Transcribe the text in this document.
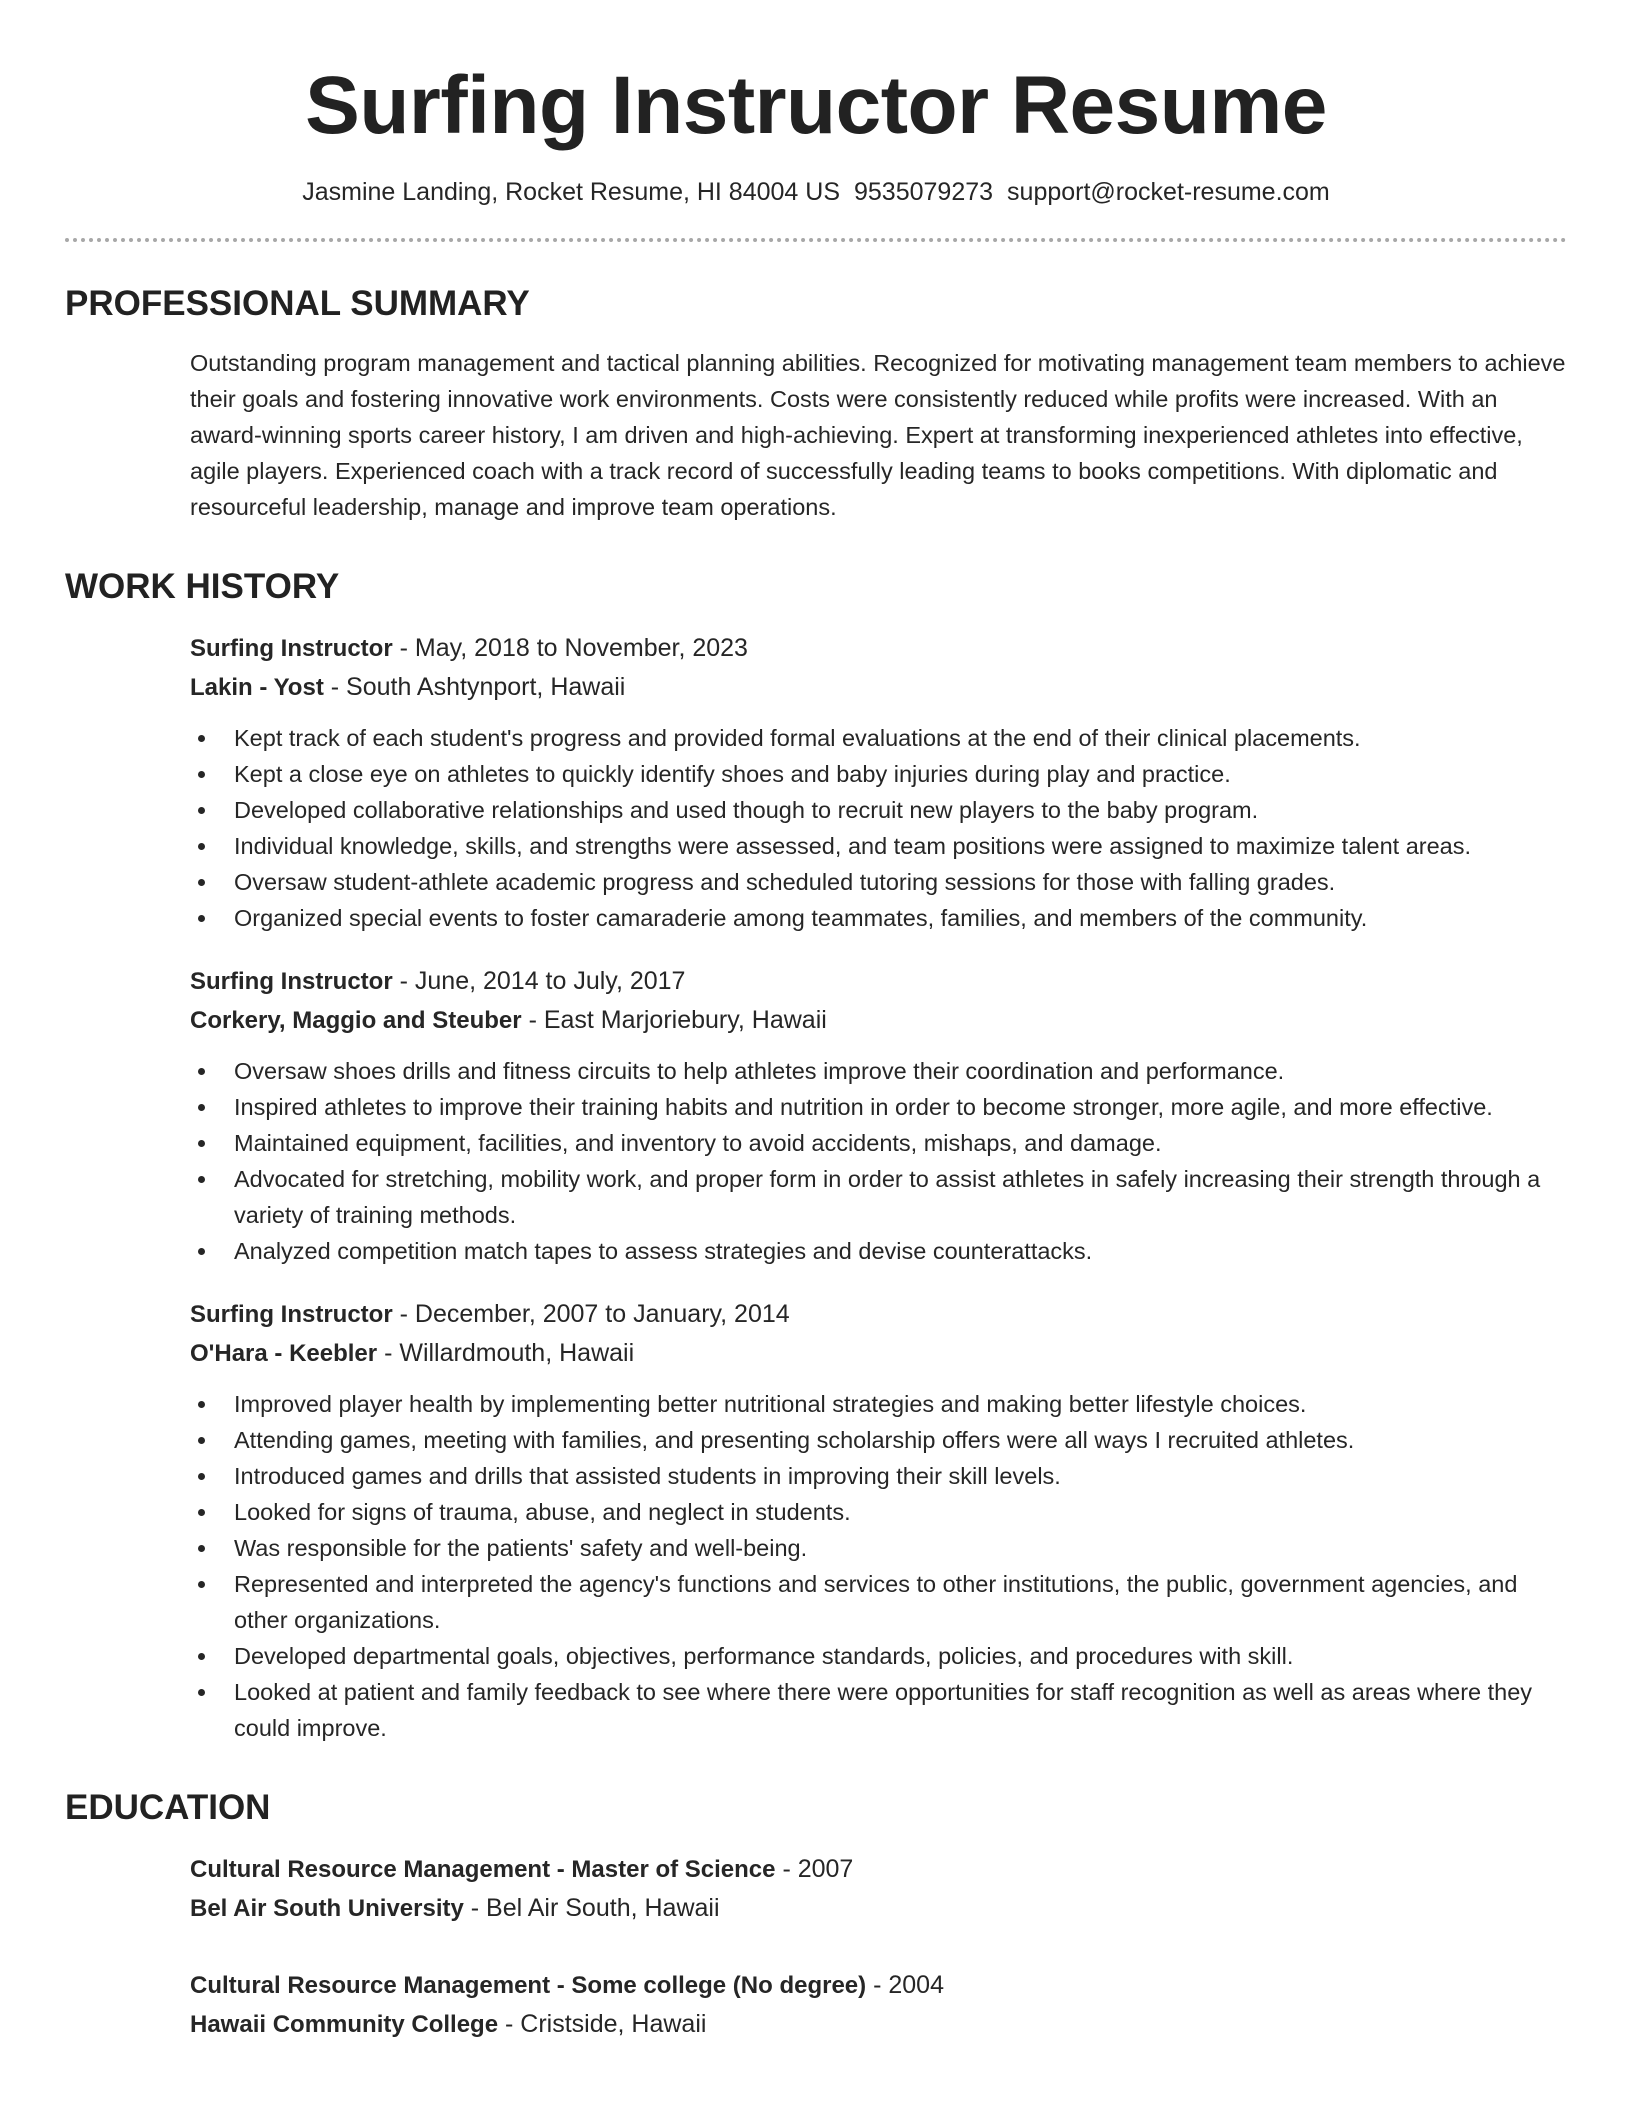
Surfing Instructor Resume
Jasmine Landing, Rocket Resume, HI 84004 US 9535079273 support@rocket-resume.com
PROFESSIONAL SUMMARY

Outstanding program management and tactical planning abilities. Recognized for motivating management team members to achieve their goals and fostering innovative work environments. Costs were consistently reduced while profits were increased. With an award-winning sports career history, I am driven and high-achieving. Expert at transforming inexperienced athletes into effective, agile players. Experienced coach with a track record of successfully leading teams to books competitions. With diplomatic and resourceful leadership, manage and improve team operations.

WORK HISTORY
Surfing Instructor - May, 2018 to November, 2023
Lakin - Yost - South Ashtynport, Hawaii
Kept track of each student's progress and provided formal evaluations at the end of their clinical placements.
Kept a close eye on athletes to quickly identify shoes and baby injuries during play and practice.
Developed collaborative relationships and used though to recruit new players to the baby program.
Individual knowledge, skills, and strengths were assessed, and team positions were assigned to maximize talent areas.
Oversaw student-athlete academic progress and scheduled tutoring sessions for those with falling grades.
Organized special events to foster camaraderie among teammates, families, and members of the community.
Surfing Instructor - June, 2014 to July, 2017
Corkery, Maggio and Steuber - East Marjoriebury, Hawaii
Oversaw shoes drills and fitness circuits to help athletes improve their coordination and performance.
Inspired athletes to improve their training habits and nutrition in order to become stronger, more agile, and more effective.
Maintained equipment, facilities, and inventory to avoid accidents, mishaps, and damage.
Advocated for stretching, mobility work, and proper form in order to assist athletes in safely increasing their strength through a variety of training methods.
Analyzed competition match tapes to assess strategies and devise counterattacks.
Surfing Instructor - December, 2007 to January, 2014
O'Hara - Keebler - Willardmouth, Hawaii
Improved player health by implementing better nutritional strategies and making better lifestyle choices.
Attending games, meeting with families, and presenting scholarship offers were all ways I recruited athletes.
Introduced games and drills that assisted students in improving their skill levels.
Looked for signs of trauma, abuse, and neglect in students.
Was responsible for the patients' safety and well-being.
Represented and interpreted the agency's functions and services to other institutions, the public, government agencies, and other organizations.
Developed departmental goals, objectives, performance standards, policies, and procedures with skill.
Looked at patient and family feedback to see where there were opportunities for staff recognition as well as areas where they could improve.
EDUCATION
Cultural Resource Management - Master of Science - 2007
Bel Air South University - Bel Air South, Hawaii
Cultural Resource Management - Some college (No degree) - 2004
Hawaii Community College - Cristside, Hawaii
